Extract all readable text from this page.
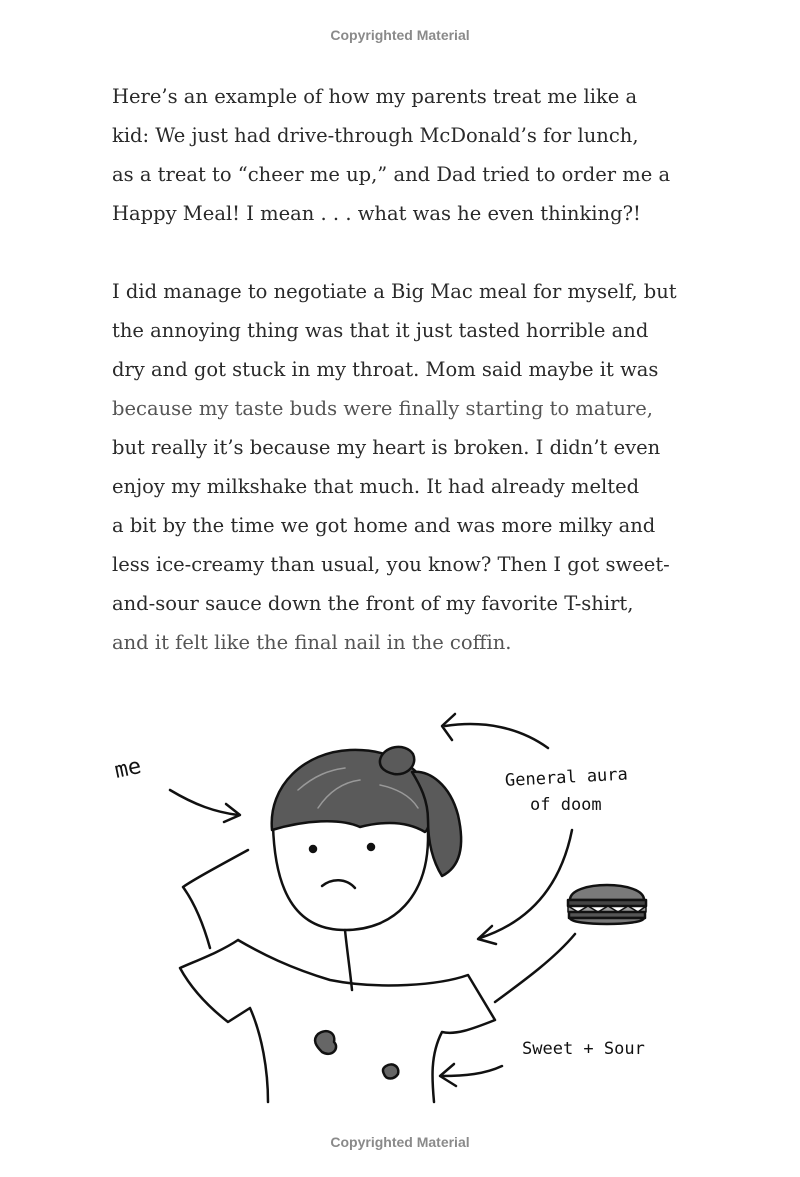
Copyrighted Material

Here’s an example of how my parents treat me like a
kid: We just had drive-through McDonald’s for lunch,
as a treat to “cheer me up,” and Dad tried to order me a
Happy Meal! I mean . . . what was he even thinking?!

I did manage to negotiate a Big Mac meal for myself, but
the annoying thing was that it just tasted horrible and
dry and got stuck in my throat. Mom said maybe it was
because my taste buds were finally starting to mature,
but really it’s because my heart is broken. I didn’t even
enjoy my milkshake that much. It had already melted
a bit by the time we got home and was more milky and
less ice-creamy than usual, you know? Then I got sweet-
and-sour sauce down the front of my favorite T-shirt,
and it felt like the final nail in the coffin.

me	General aura
of doom
Sweet + Sour
Copyrighted Material
